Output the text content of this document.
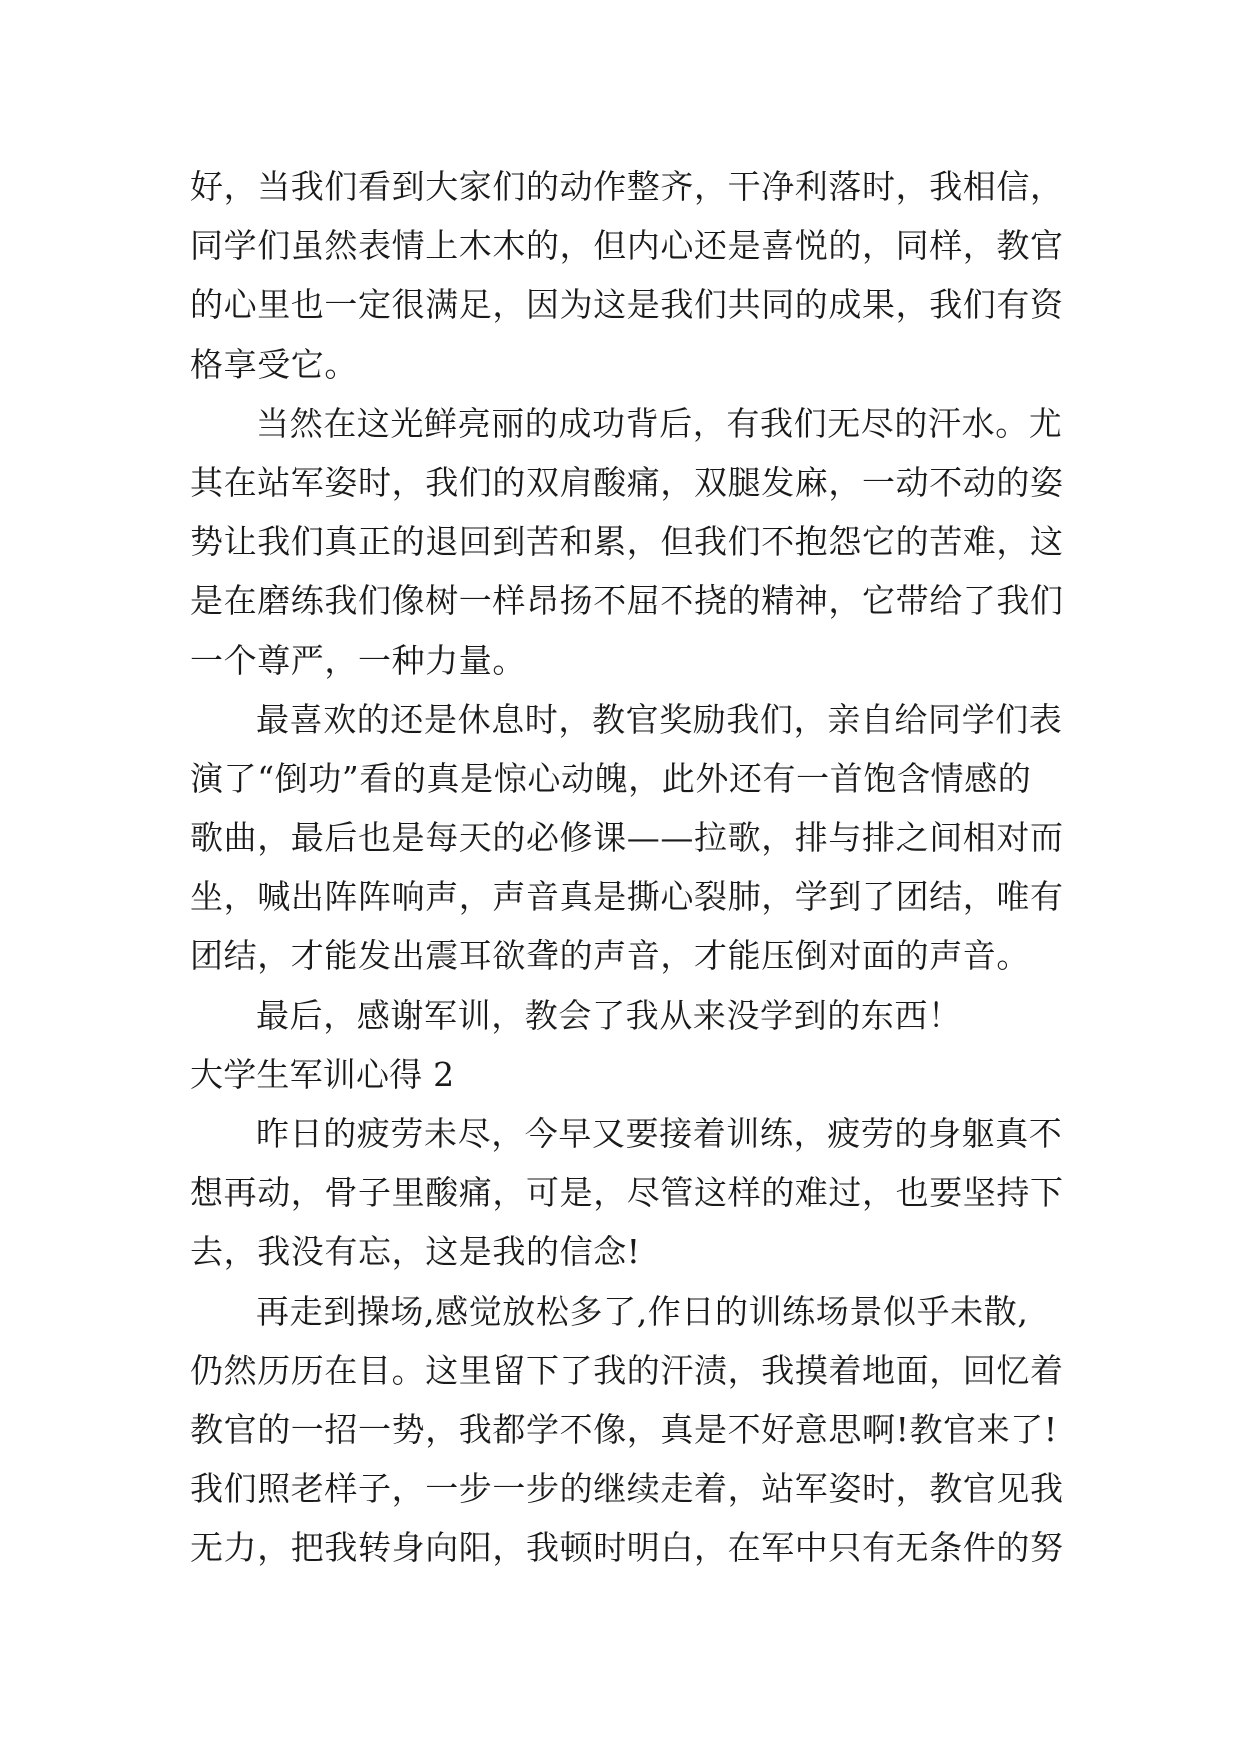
好，当我们看到大家们的动作整齐，干净利落时，我相信，
同学们虽然表情上木木的，但内心还是喜悦的，同样，教官
的心里也一定很满足，因为这是我们共同的成果，我们有资
格享受它。
当然在这光鲜亮丽的成功背后，有我们无尽的汗水。尤
其在站军姿时，我们的双肩酸痛，双腿发麻，一动不动的姿
势让我们真正的退回到苦和累，但我们不抱怨它的苦难，这
是在磨练我们像树一样昂扬不屈不挠的精神，它带给了我们
一个尊严，一种力量。
最喜欢的还是休息时，教官奖励我们，亲自给同学们表
演了“倒功”看的真是惊心动魄，此外还有一首饱含情感的
歌曲，最后也是每天的必修课——拉歌，排与排之间相对而
坐，喊出阵阵响声，声音真是撕心裂肺，学到了团结，唯有
团结，才能发出震耳欲聋的声音，才能压倒对面的声音。
最后，感谢军训，教会了我从来没学到的东西！
大学生军训心得 2
昨日的疲劳未尽，今早又要接着训练，疲劳的身躯真不
想再动，骨子里酸痛，可是，尽管这样的难过，也要坚持下
去，我没有忘，这是我的信念!
再走到操场,感觉放松多了,作日的训练场景似乎未散,
仍然历历在目。这里留下了我的汗渍，我摸着地面，回忆着
教官的一招一势，我都学不像，真是不好意思啊!教官来了!
我们照老样子，一步一步的继续走着，站军姿时，教官见我
无力，把我转身向阳，我顿时明白，在军中只有无条件的努
